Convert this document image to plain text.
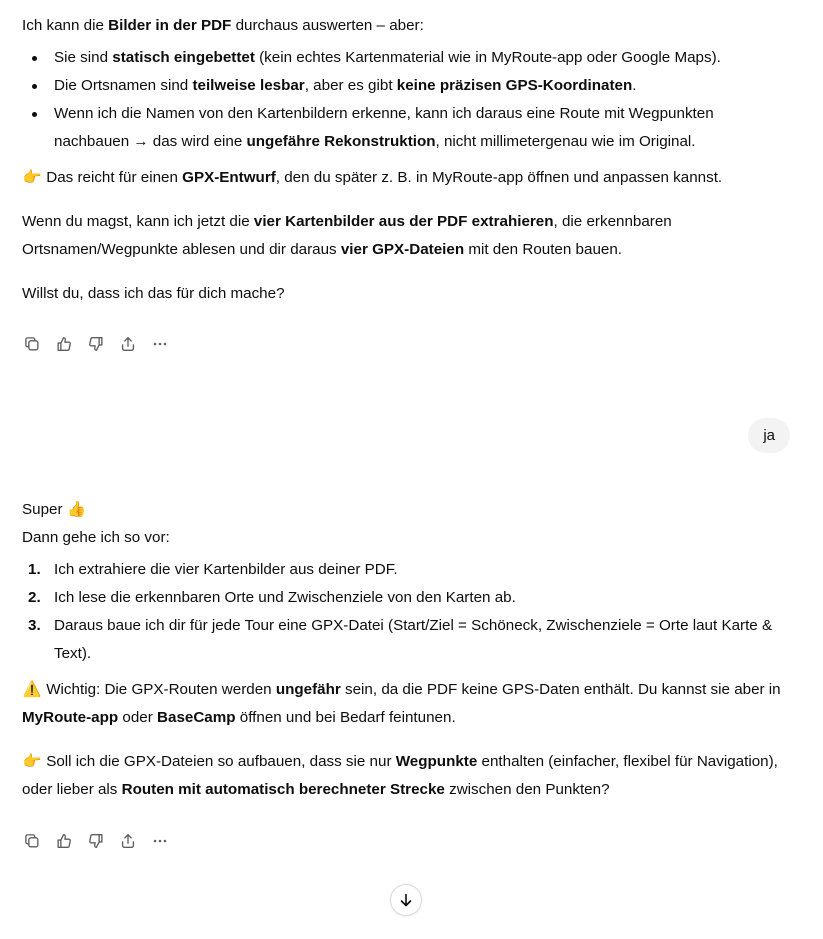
Ich kann die Bilder in der PDF durchaus auswerten – aber:

Sie sind statisch eingebettet (kein echtes Kartenmaterial wie in MyRoute-app oder Google Maps).
Die Ortsnamen sind teilweise lesbar, aber es gibt keine präzisen GPS-Koordinaten.
Wenn ich die Namen von den Kartenbildern erkenne, kann ich daraus eine Route mit Wegpunkten nachbauen → das wird eine ungefähre Rekonstruktion, nicht millimetergenau wie im Original.

👉 Das reicht für einen GPX-Entwurf, den du später z. B. in MyRoute-app öffnen und anpassen kannst.

Wenn du magst, kann ich jetzt die vier Kartenbilder aus der PDF extrahieren, die erkennbaren Ortsnamen/Wegpunkte ablesen und dir daraus vier GPX-Dateien mit den Routen bauen.

Willst du, dass ich das für dich mache?

ja

Super 👍

Dann gehe ich so vor:

1. Ich extrahiere die vier Kartenbilder aus deiner PDF.
2. Ich lese die erkennbaren Orte und Zwischenziele von den Karten ab.
3. Daraus baue ich dir für jede Tour eine GPX-Datei (Start/Ziel = Schöneck, Zwischenziele = Orte laut Karte & Text).

⚠️ Wichtig: Die GPX-Routen werden ungefähr sein, da die PDF keine GPS-Daten enthält. Du kannst sie aber in MyRoute-app oder BaseCamp öffnen und bei Bedarf feintunen.

👉 Soll ich die GPX-Dateien so aufbauen, dass sie nur Wegpunkte enthalten (einfacher, flexibel für Navigation), oder lieber als Routen mit automatisch berechneter Strecke zwischen den Punkten?
